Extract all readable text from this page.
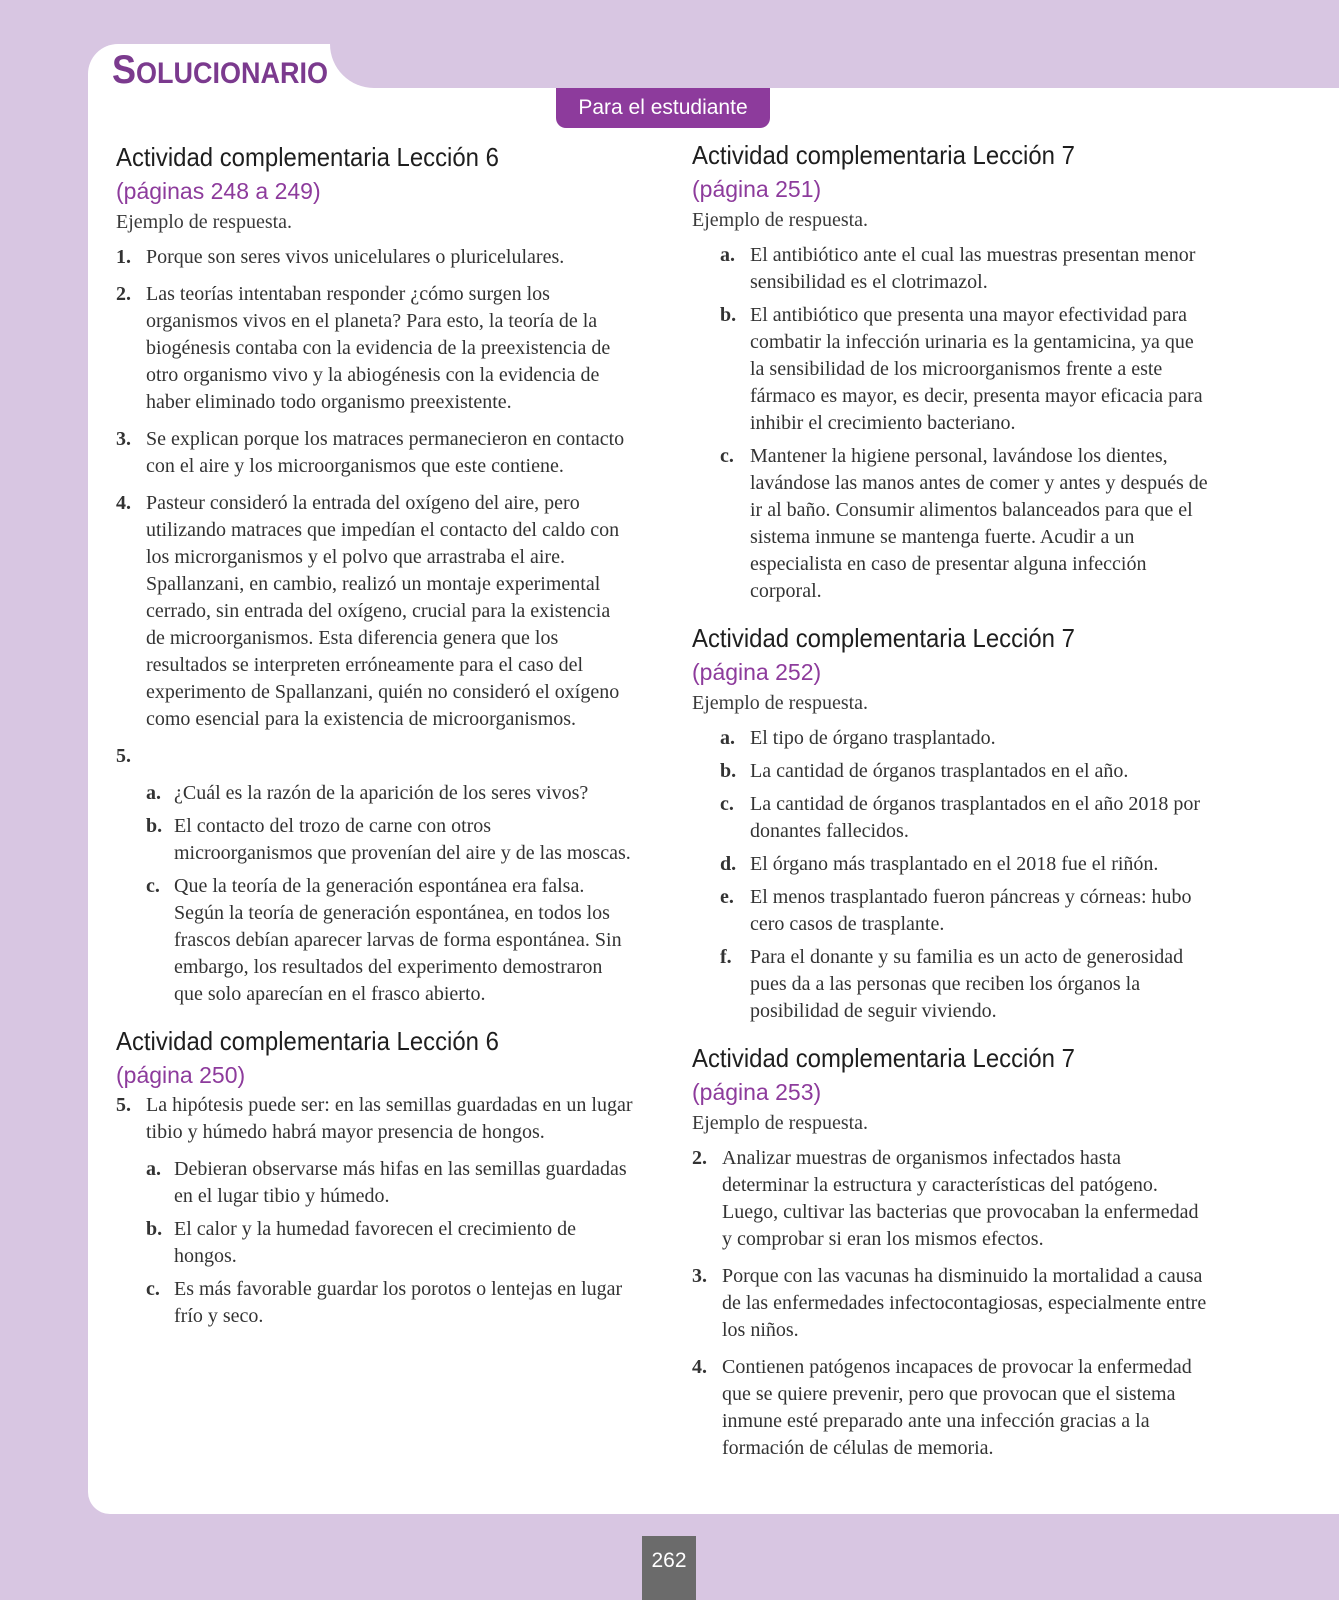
SOLUCIONARIO
Para el estudiante
Actividad complementaria Lección 6
(páginas 248 a 249)
Ejemplo de respuesta.
1. Porque son seres vivos unicelulares o pluricelulares.
2. Las teorías intentaban responder ¿cómo surgen los organismos vivos en el planeta? Para esto, la teoría de la biogénesis contaba con la evidencia de la preexistencia de otro organismo vivo y la abiogénesis con la evidencia de haber eliminado todo organismo preexistente.
3. Se explican porque los matraces permanecieron en contacto con el aire y los microorganismos que este contiene.
4. Pasteur consideró la entrada del oxígeno del aire, pero utilizando matraces que impedían el contacto del caldo con los microrganismos y el polvo que arrastraba el aire. Spallanzani, en cambio, realizó un montaje experimental cerrado, sin entrada del oxígeno, crucial para la existencia de microorganismos. Esta diferencia genera que los resultados se interpreten erróneamente para el caso del experimento de Spallanzani, quién no consideró el oxígeno como esencial para la existencia de microorganismos.
5.
a. ¿Cuál es la razón de la aparición de los seres vivos?
b. El contacto del trozo de carne con otros microorganismos que provenían del aire y de las moscas.
c. Que la teoría de la generación espontánea era falsa. Según la teoría de generación espontánea, en todos los frascos debían aparecer larvas de forma espontánea. Sin embargo, los resultados del experimento demostraron que solo aparecían en el frasco abierto.
Actividad complementaria Lección 6
(página 250)
5. La hipótesis puede ser: en las semillas guardadas en un lugar tibio y húmedo habrá mayor presencia de hongos.
a. Debieran observarse más hifas en las semillas guardadas en el lugar tibio y húmedo.
b. El calor y la humedad favorecen el crecimiento de hongos.
c. Es más favorable guardar los porotos o lentejas en lugar frío y seco.
Actividad complementaria Lección 7
(página 251)
Ejemplo de respuesta.
a. El antibiótico ante el cual las muestras presentan menor sensibilidad es el clotrimazol.
b. El antibiótico que presenta una mayor efectividad para combatir la infección urinaria es la gentamicina, ya que la sensibilidad de los microorganismos frente a este fármaco es mayor, es decir, presenta mayor eficacia para inhibir el crecimiento bacteriano.
c. Mantener la higiene personal, lavándose los dientes, lavándose las manos antes de comer y antes y después de ir al baño. Consumir alimentos balanceados para que el sistema inmune se mantenga fuerte. Acudir a un especialista en caso de presentar alguna infección corporal.
Actividad complementaria Lección 7
(página 252)
Ejemplo de respuesta.
a. El tipo de órgano trasplantado.
b. La cantidad de órganos trasplantados en el año.
c. La cantidad de órganos trasplantados en el año 2018 por donantes fallecidos.
d. El órgano más trasplantado en el 2018 fue el riñón.
e. El menos trasplantado fueron páncreas y córneas: hubo cero casos de trasplante.
f. Para el donante y su familia es un acto de generosidad pues da a las personas que reciben los órganos la posibilidad de seguir viviendo.
Actividad complementaria Lección 7
(página 253)
Ejemplo de respuesta.
2. Analizar muestras de organismos infectados hasta determinar la estructura y características del patógeno. Luego, cultivar las bacterias que provocaban la enfermedad y comprobar si eran los mismos efectos.
3. Porque con las vacunas ha disminuido la mortalidad a causa de las enfermedades infectocontagiosas, especialmente entre los niños.
4. Contienen patógenos incapaces de provocar la enfermedad que se quiere prevenir, pero que provocan que el sistema inmune esté preparado ante una infección gracias a la formación de células de memoria.
262
